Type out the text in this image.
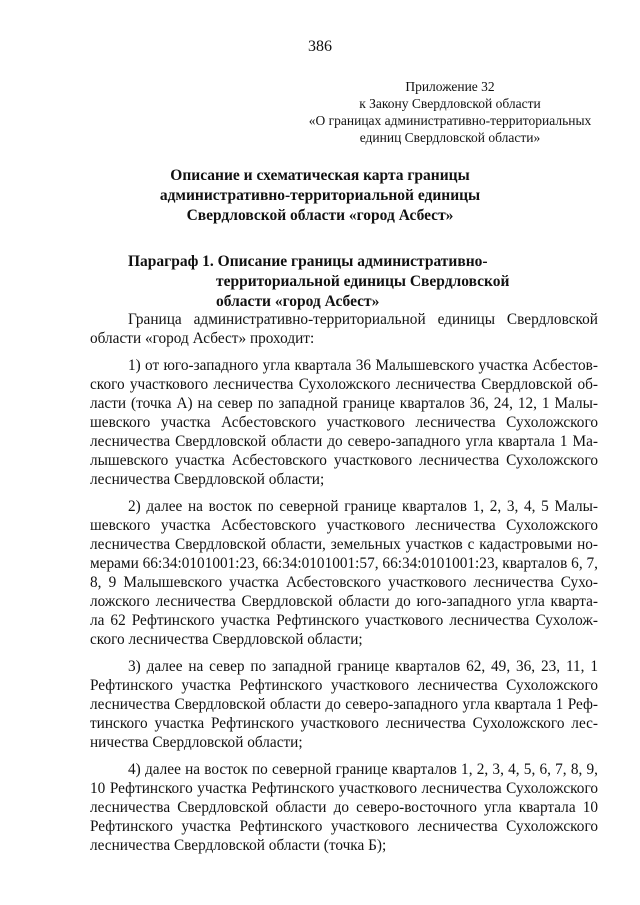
386
Приложение 32
к Закону Свердловской области
«О границах административно-территориальных
единиц Свердловской области»
Описание и схематическая карта границы
административно-территориальной единицы
Свердловской области «город Асбест»
Параграф 1. Описание границы административно-
территориальной единицы Свердловской
области «город Асбест»
Граница административно-территориальной единицы Свердловской
области «город Асбест» проходит:
1) от юго-западного угла квартала 36 Малышевского участка Асбестов-
ского участкового лесничества Сухоложского лесничества Свердловской об-
ласти (точка А) на север по западной границе кварталов 36, 24, 12, 1 Малы-
шевского участка Асбестовского участкового лесничества Сухоложского
лесничества Свердловской области до северо-западного угла квартала 1 Ма-
лышевского участка Асбестовского участкового лесничества Сухоложского
лесничества Свердловской области;
2) далее на восток по северной границе кварталов 1, 2, 3, 4, 5 Малы-
шевского участка Асбестовского участкового лесничества Сухоложского
лесничества Свердловской области, земельных участков с кадастровыми но-
мерами 66:34:0101001:23, 66:34:0101001:57, 66:34:0101001:23, кварталов 6, 7,
8, 9 Малышевского участка Асбестовского участкового лесничества Сухо-
ложского лесничества Свердловской области до юго-западного угла кварта-
ла 62 Рефтинского участка Рефтинского участкового лесничества Сухолож-
ского лесничества Свердловской области;
3) далее на север по западной границе кварталов 62, 49, 36, 23, 11, 1
Рефтинского участка Рефтинского участкового лесничества Сухоложского
лесничества Свердловской области до северо-западного угла квартала 1 Реф-
тинского участка Рефтинского участкового лесничества Сухоложского лес-
ничества Свердловской области;
4) далее на восток по северной границе кварталов 1, 2, 3, 4, 5, 6, 7, 8, 9,
10 Рефтинского участка Рефтинского участкового лесничества Сухоложского
лесничества Свердловской области до северо-восточного угла квартала 10
Рефтинского участка Рефтинского участкового лесничества Сухоложского
лесничества Свердловской области (точка Б);
